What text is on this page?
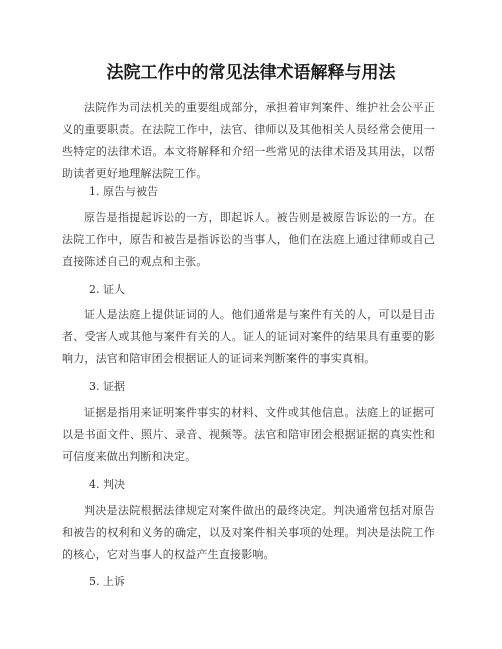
法院工作中的常见法律术语解释与用法

法院作为司法机关的重要组成部分，承担着审判案件、维护社会公平正义的重要职责。在法院工作中，法官、律师以及其他相关人员经常会使用一些特定的法律术语。本文将解释和介绍一些常见的法律术语及其用法，以帮助读者更好地理解法院工作。

1. 原告与被告

原告是指提起诉讼的一方，即起诉人。被告则是被原告诉讼的一方。在法院工作中，原告和被告是指诉讼的当事人，他们在法庭上通过律师或自己直接陈述自己的观点和主张。

2. 证人

证人是法庭上提供证词的人。他们通常是与案件有关的人，可以是目击者、受害人或其他与案件有关的人。证人的证词对案件的结果具有重要的影响力，法官和陪审团会根据证人的证词来判断案件的事实真相。

3. 证据

证据是指用来证明案件事实的材料、文件或其他信息。法庭上的证据可以是书面文件、照片、录音、视频等。法官和陪审团会根据证据的真实性和可信度来做出判断和决定。

4. 判决

判决是法院根据法律规定对案件做出的最终决定。判决通常包括对原告和被告的权利和义务的确定，以及对案件相关事项的处理。判决是法院工作的核心，它对当事人的权益产生直接影响。

5. 上诉
